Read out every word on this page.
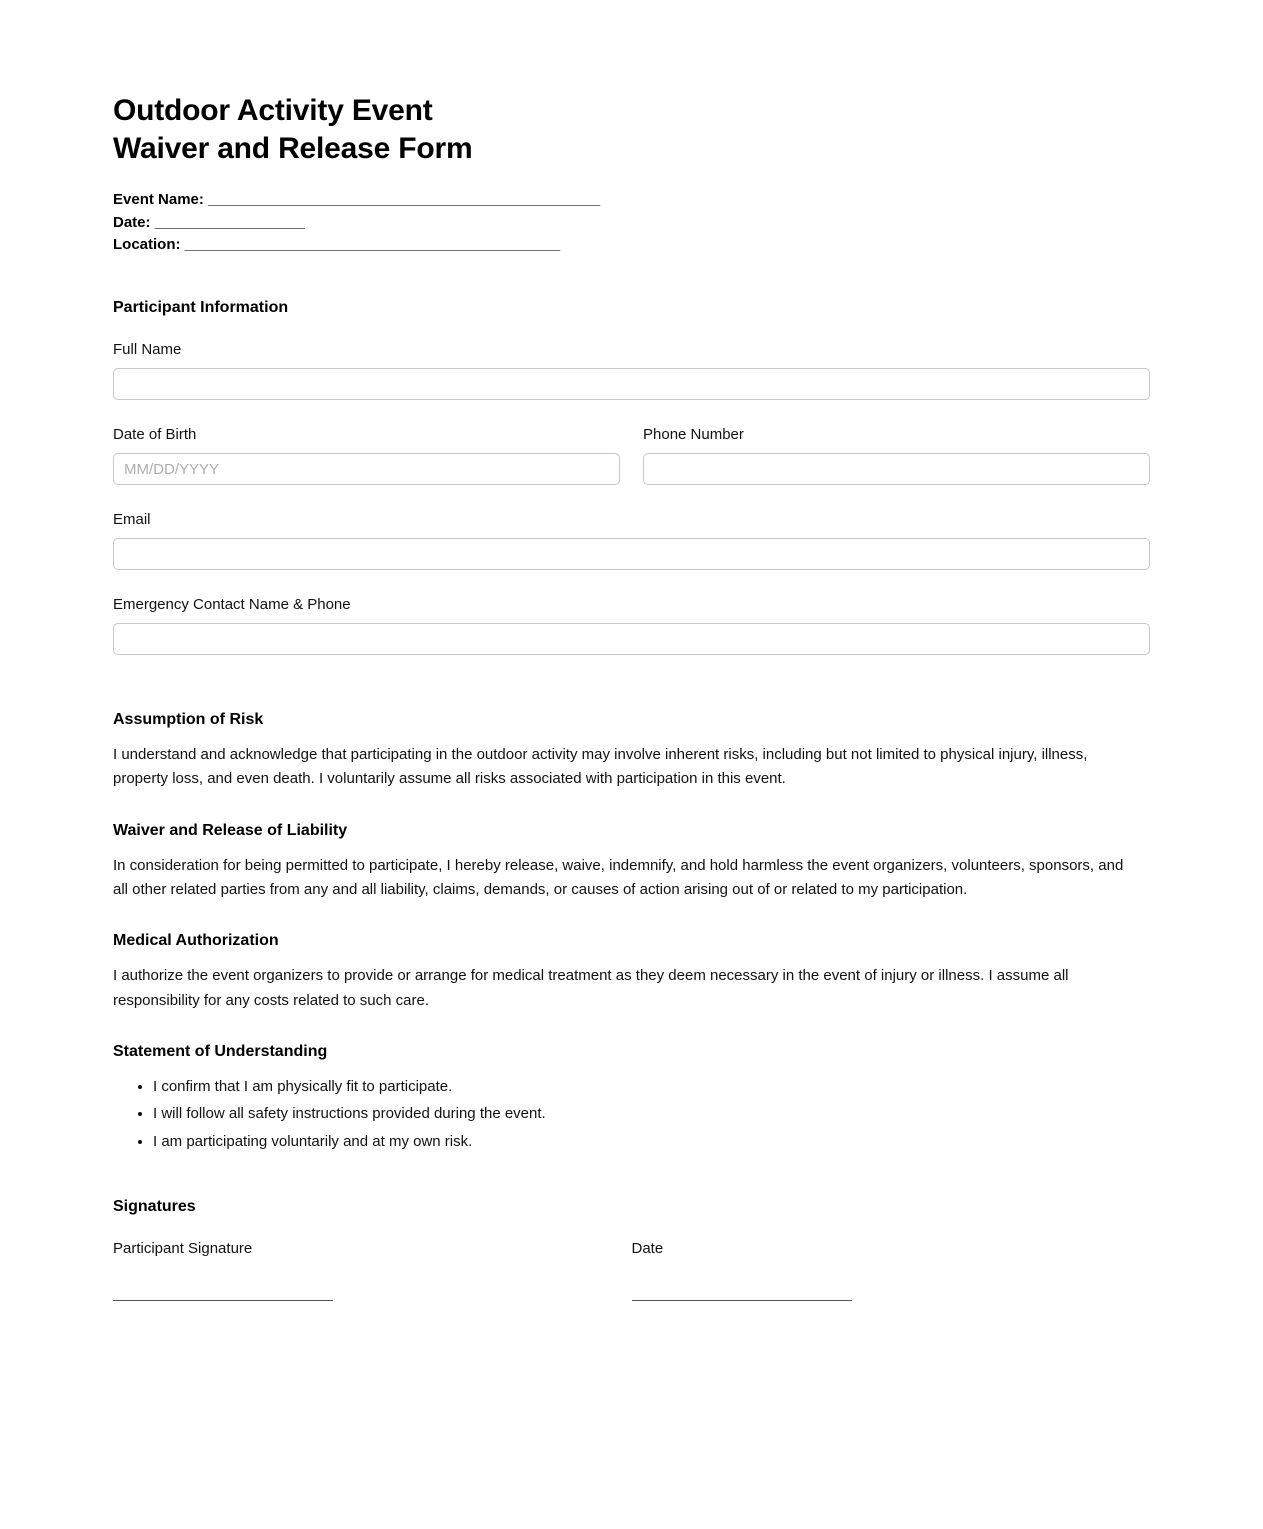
Outdoor Activity Event
Waiver and Release Form
Event Name: _______________________________________________
Date: __________________
Location: _____________________________________________
Participant Information
Full Name
Date of Birth
MM/DD/YYYY	Phone Number
Email
Emergency Contact Name & Phone
Assumption of Risk

I understand and acknowledge that participating in the outdoor activity may involve inherent risks, including but not limited to physical injury, illness, property loss, and even death. I voluntarily assume all risks associated with participation in this event.

Waiver and Release of Liability

In consideration for being permitted to participate, I hereby release, waive, indemnify, and hold harmless the event organizers, volunteers, sponsors, and all other related parties from any and all liability, claims, demands, or causes of action arising out of or related to my participation.

Medical Authorization

I authorize the event organizers to provide or arrange for medical treatment as they deem necessary in the event of injury or illness. I assume all responsibility for any costs related to such care.

Statement of Understanding
• I confirm that I am physically fit to participate.
• I will follow all safety instructions provided during the event.
• I am participating voluntarily and at my own risk.
Signatures
Participant Signature	Date
